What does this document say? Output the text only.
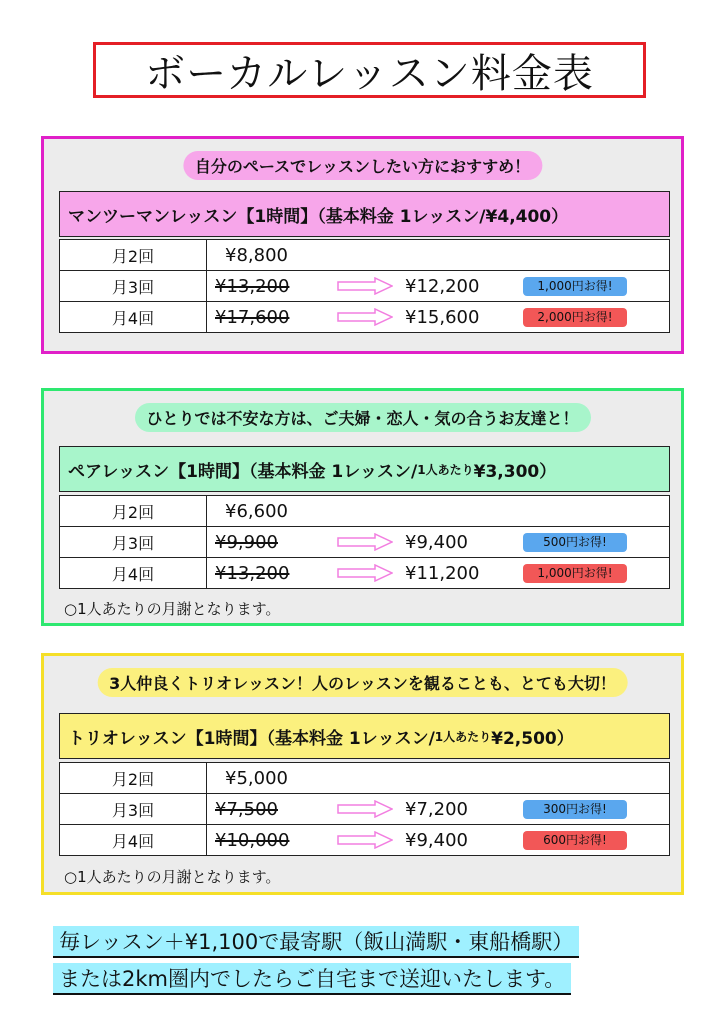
ボーカルレッスン料金表
自分のペースでレッスンしたい方におすすめ！
マンツーマンレッスン【1時間】（基本料金 1レッスン/ ¥4,400）
月2回	¥8,800

月3回	¥13,200 ¥12,200 1,000円お得!

月4回	¥17,600 ¥15,600 2,000円お得!
ひとりでは不安な方は、ご夫婦・恋人・気の合うお友達と！
ペアレッスン【1時間】（基本料金 1レッスン/ 1人あたり ¥3,300）
月2回	¥6,600

月3回	¥9,900 ¥9,400 500円お得!

月4回	¥13,200 ¥11,200 1,000円お得!
○1人あたりの月謝となります。
3人仲良くトリオレッスン！人のレッスンを観ることも、とても大切！
トリオレッスン【1時間】（基本料金 1レッスン/ 1人あたり ¥2,500）
月2回	¥5,000

月3回	¥7,500 ¥7,200 300円お得!

月4回	¥10,000 ¥9,400 600円お得!
○1人あたりの月謝となります。
毎レッスン＋¥1,100で最寄駅（飯山満駅・東船橋駅）
または2km圏内でしたらご自宅まで送迎いたします。
